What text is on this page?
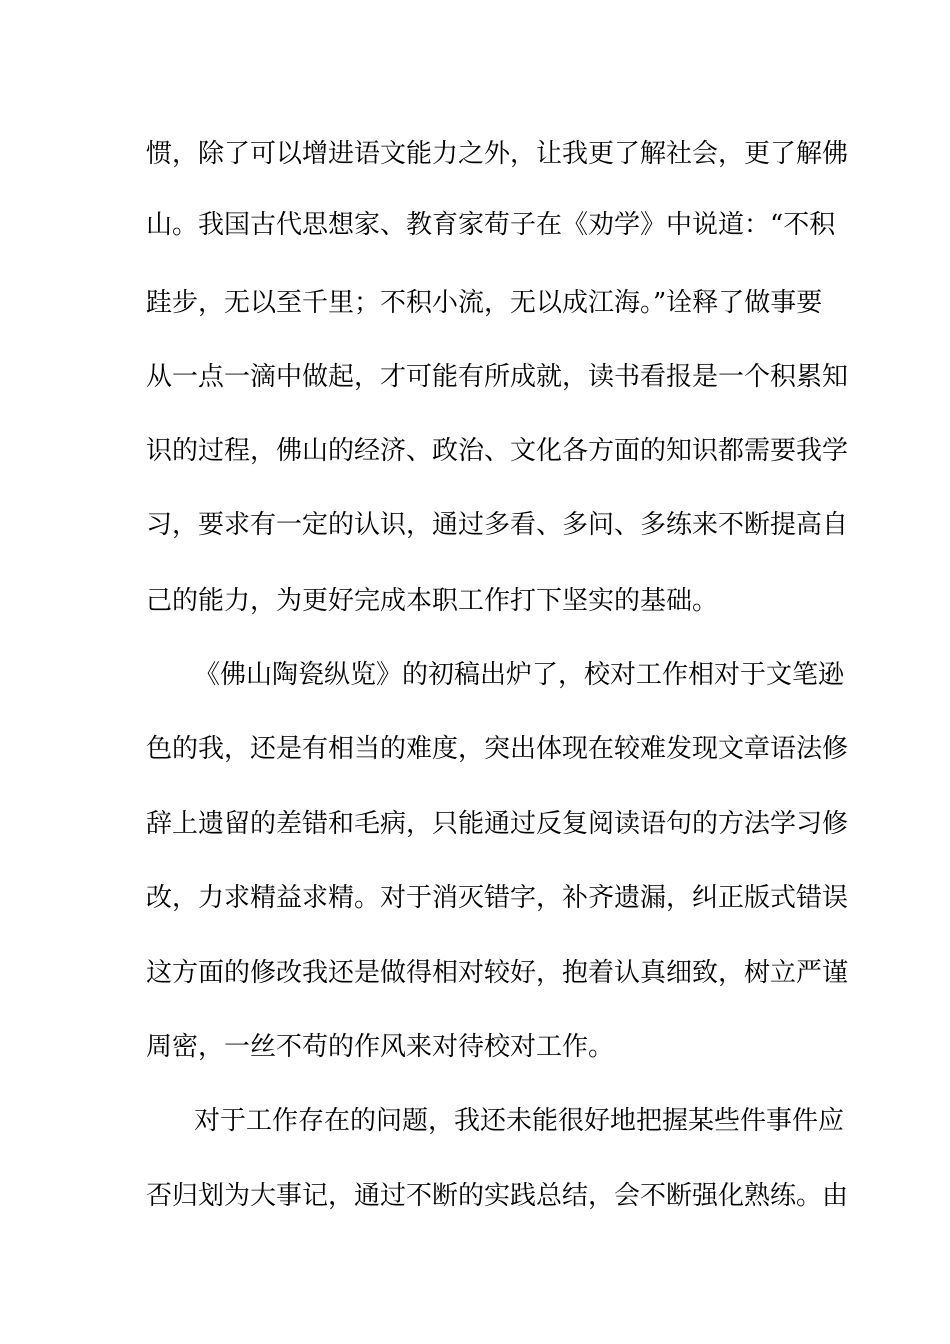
惯，除了可以增进语文能力之外，让我更了解社会，更了解佛
山。我国古代思想家、教育家荀子在《劝学》中说道：“不积
跬步，无以至千里；不积小流，无以成江海。”诠释了做事要
从一点一滴中做起，才可能有所成就，读书看报是一个积累知
识的过程，佛山的经济、政治、文化各方面的知识都需要我学
习，要求有一定的认识，通过多看、多问、多练来不断提高自
己的能力，为更好完成本职工作打下坚实的基础。
《佛山陶瓷纵览》的初稿出炉了，校对工作相对于文笔逊
色的我，还是有相当的难度，突出体现在较难发现文章语法修
辞上遗留的差错和毛病，只能通过反复阅读语句的方法学习修
改，力求精益求精。对于消灭错字，补齐遗漏，纠正版式错误
这方面的修改我还是做得相对较好，抱着认真细致，树立严谨
周密，一丝不苟的作风来对待校对工作。
对于工作存在的问题，我还未能很好地把握某些件事件应
否归划为大事记，通过不断的实践总结，会不断强化熟练。由
